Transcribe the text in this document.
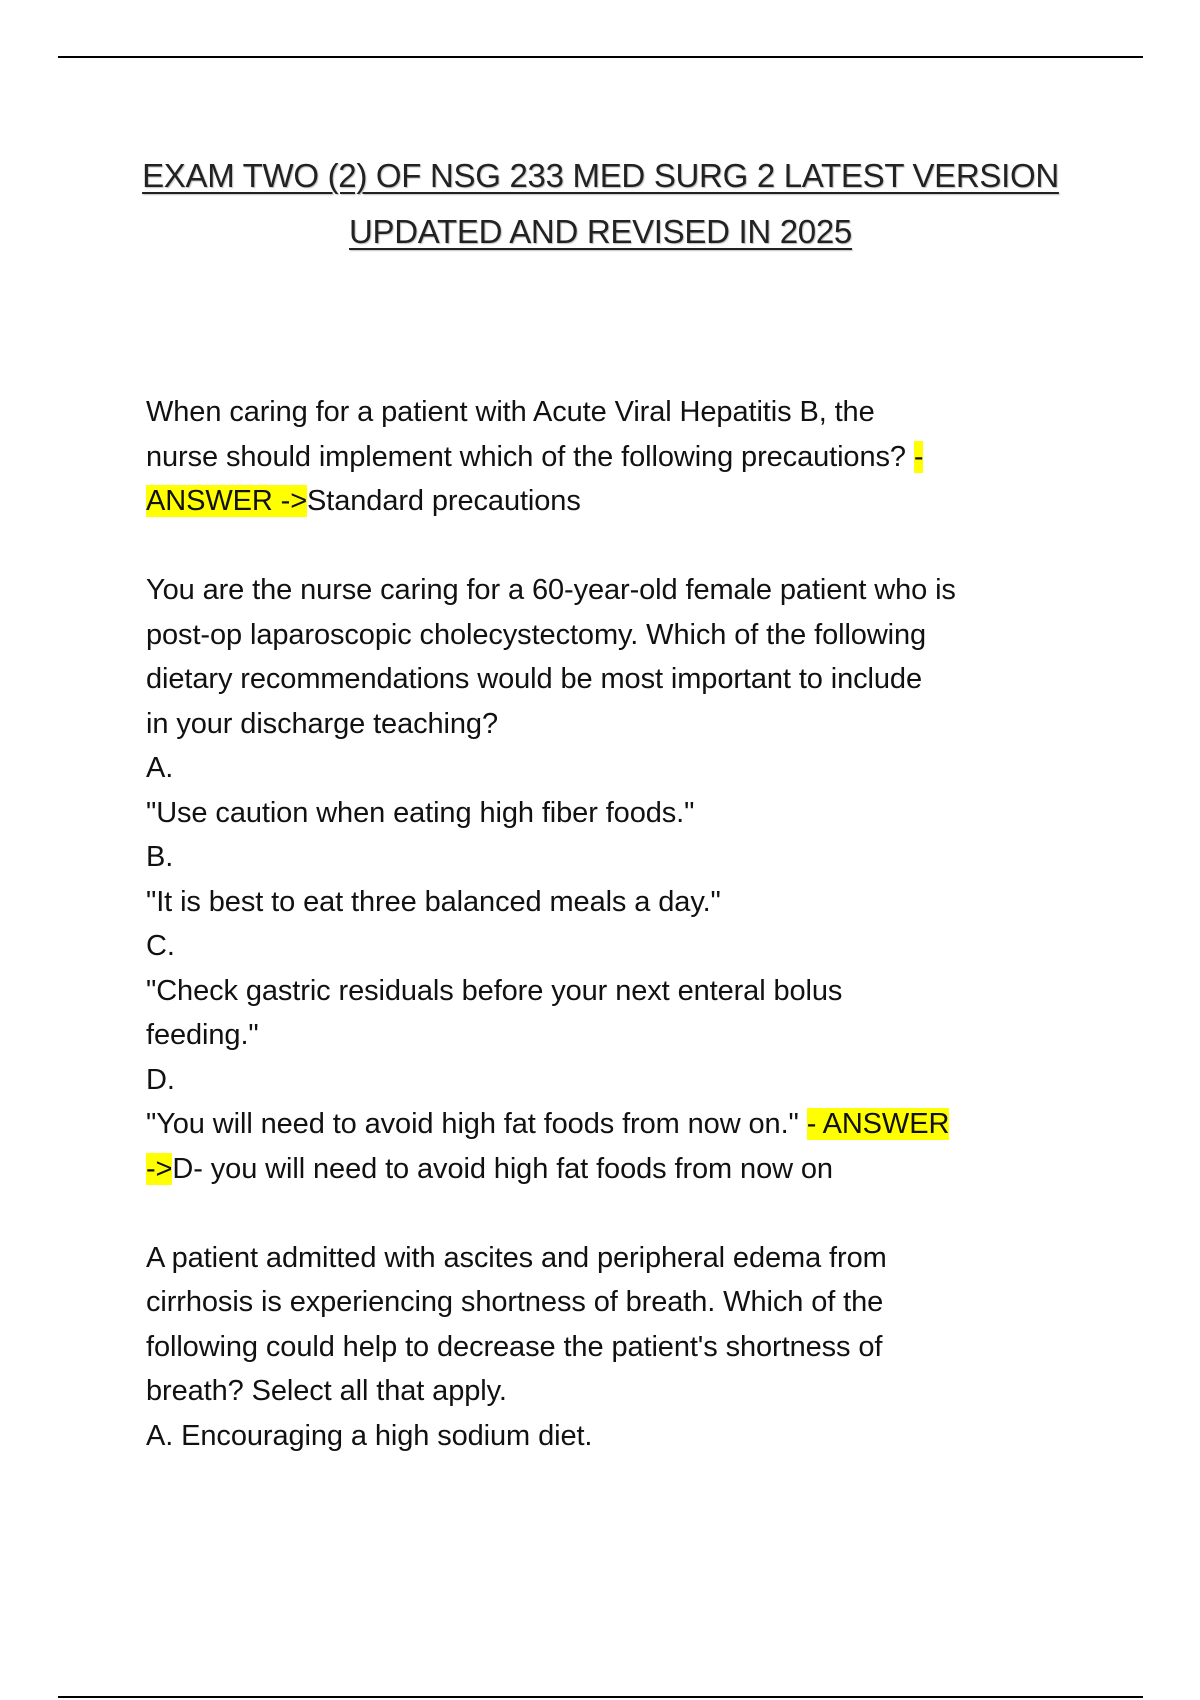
EXAM TWO (2) OF NSG 233 MED SURG 2 LATEST VERSION
UPDATED AND REVISED IN 2025

When caring for a patient with Acute Viral Hepatitis B, the

nurse should implement which of the following precautions? -

ANSWER ->Standard precautions

You are the nurse caring for a 60-year-old female patient who is

post-op laparoscopic cholecystectomy. Which of the following

dietary recommendations would be most important to include

in your discharge teaching?

A.

"Use caution when eating high fiber foods."

B.

"It is best to eat three balanced meals a day."

C.

"Check gastric residuals before your next enteral bolus

feeding."

D.

"You will need to avoid high fat foods from now on." - ANSWER

->D- you will need to avoid high fat foods from now on

A patient admitted with ascites and peripheral edema from

cirrhosis is experiencing shortness of breath. Which of the

following could help to decrease the patient's shortness of

breath? Select all that apply.

A. Encouraging a high sodium diet.
